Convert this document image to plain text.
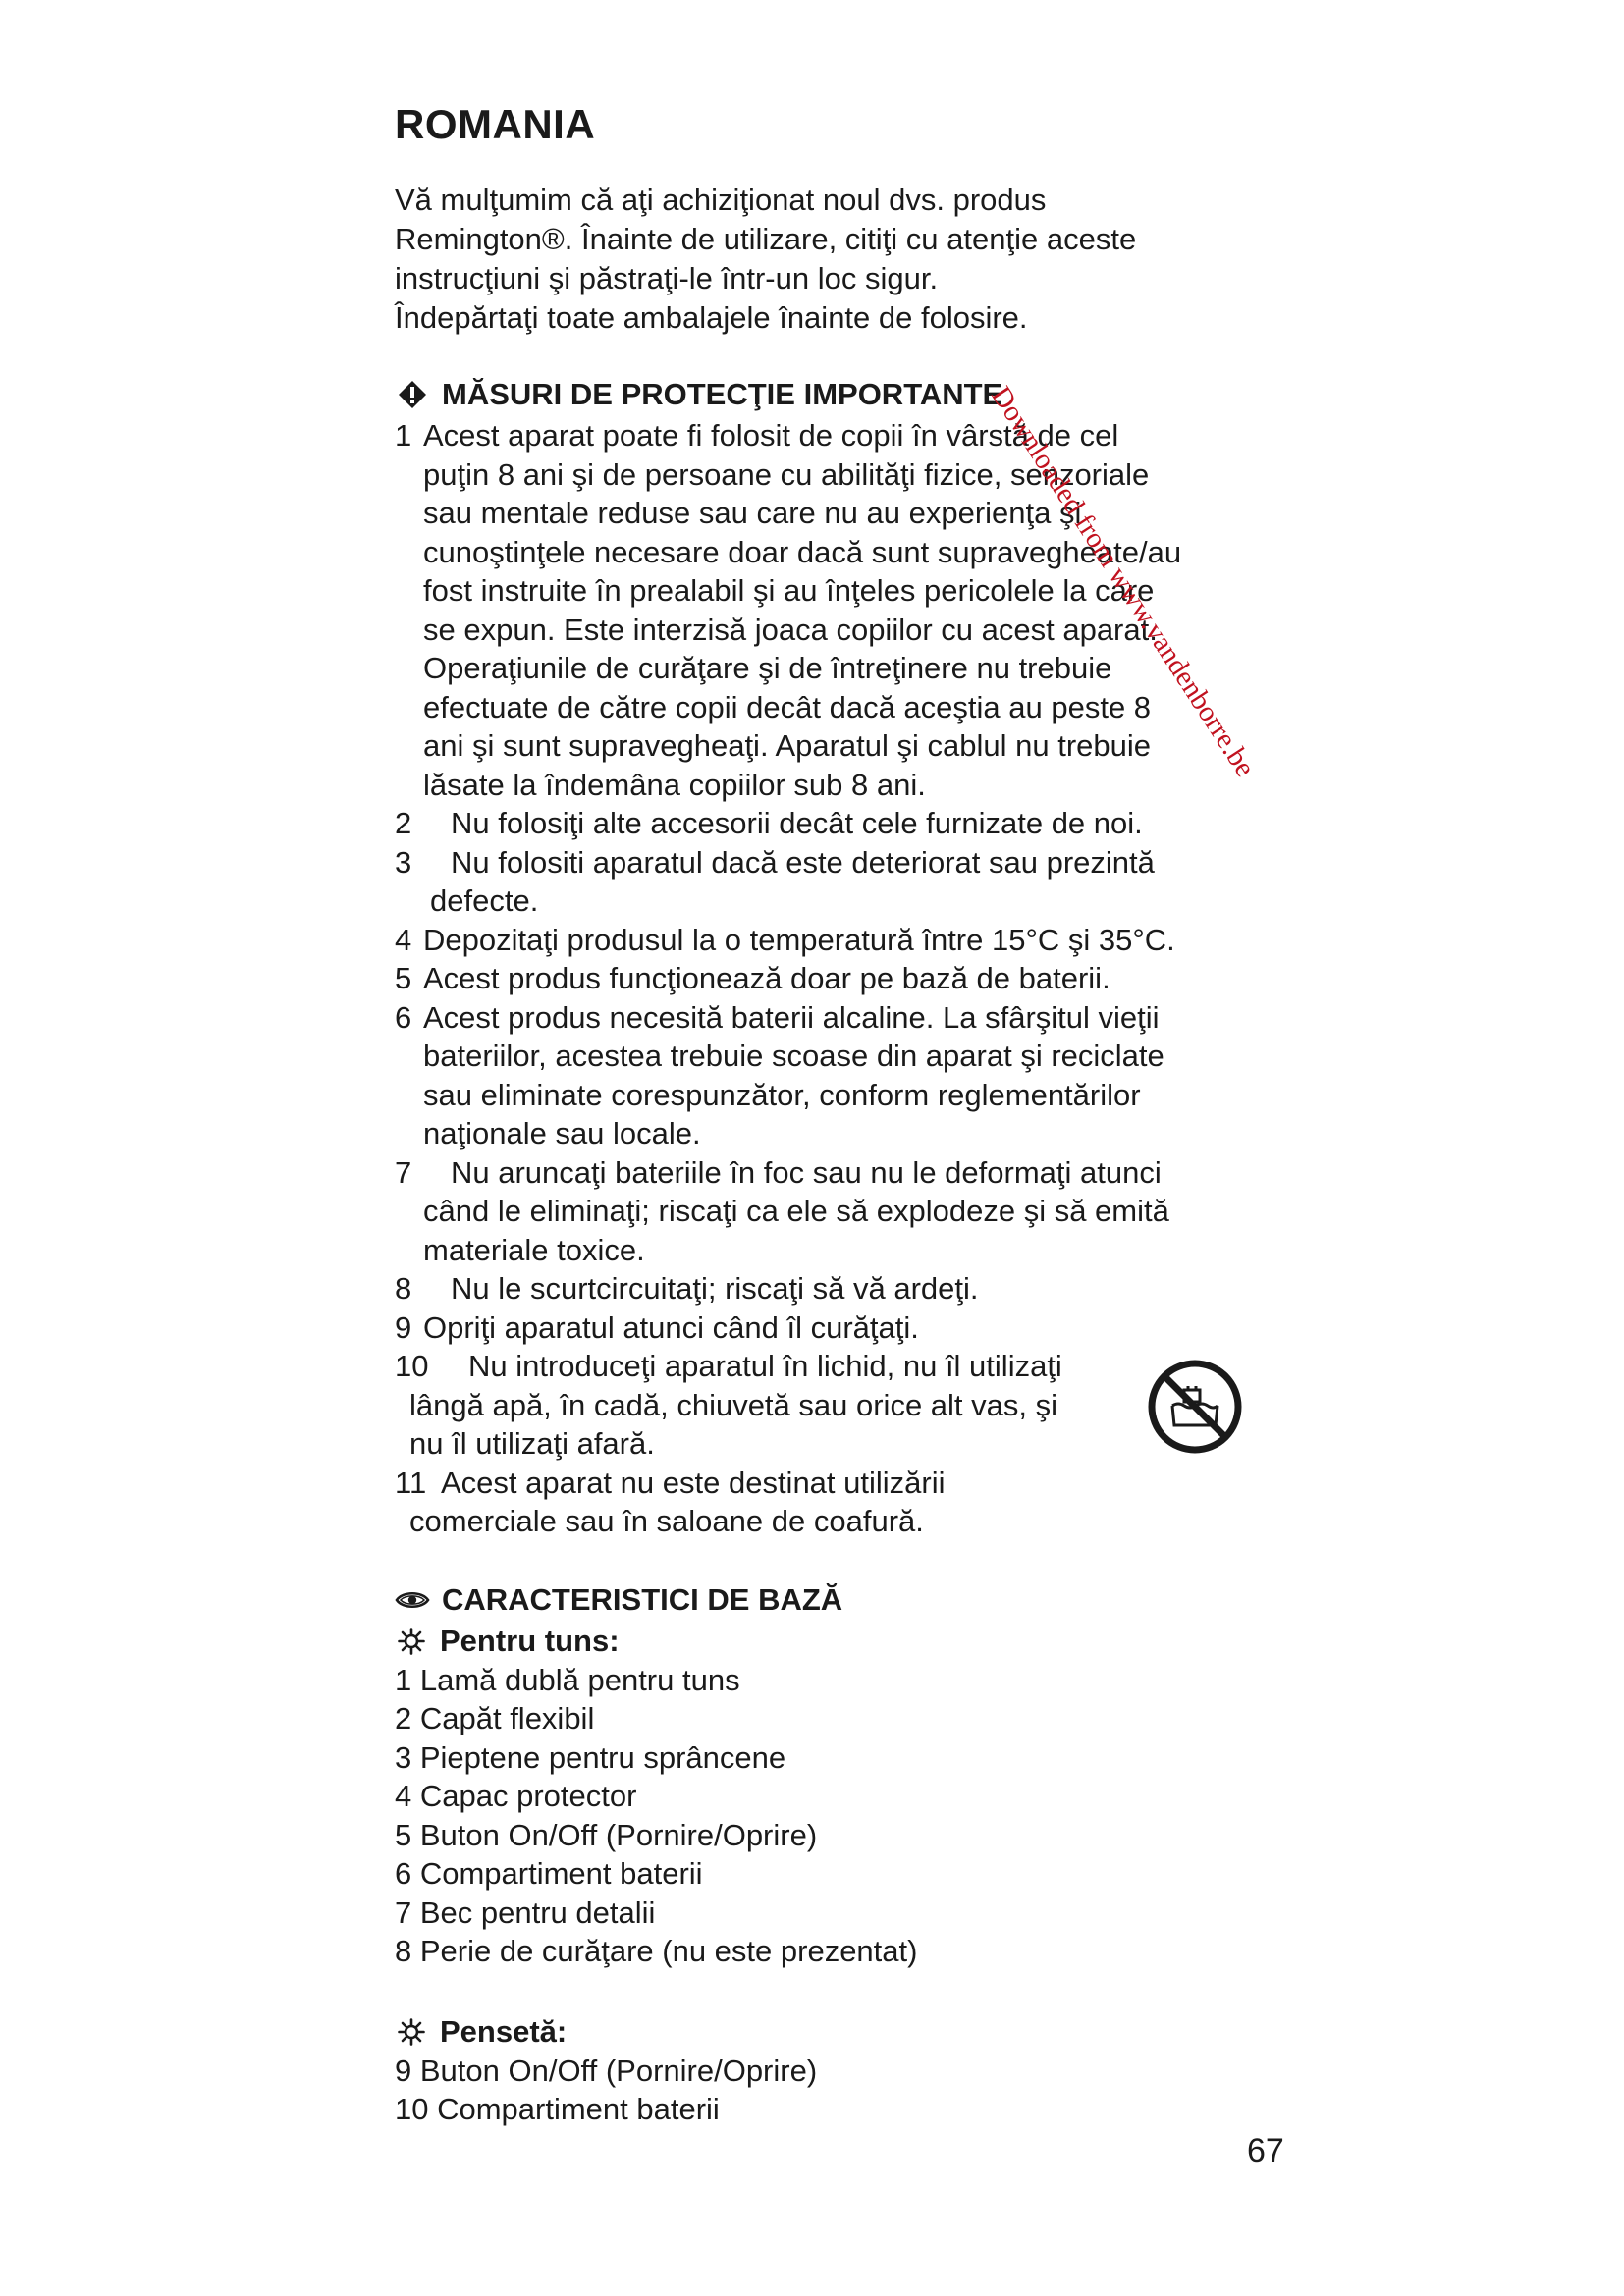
ROMANIA

Vă mulţumim că aţi achiziţionat noul dvs. produs

Remington®. Înainte de utilizare, citiţi cu atenţie aceste

instrucţiuni şi păstraţi-le într-un loc sigur.

Îndepărtaţi toate ambalajele înainte de folosire.

MĂSURI DE PROTECŢIE IMPORTANTE
1 Acest aparat poate fi folosit de copii în vârstă de cel
puţin 8 ani şi de persoane cu abilităţi fizice, senzoriale
sau mentale reduse sau care nu au experienţa şi
cunoştinţele necesare doar dacă sunt supravegheate/au
fost instruite în prealabil şi au înţeles pericolele la care
se expun. Este interzisă joaca copiilor cu acest aparat.
Operaţiunile de curăţare şi de întreţinere nu trebuie
efectuate de către copii decât dacă aceştia au peste 8
ani şi sunt supravegheaţi. Aparatul şi cablul nu trebuie
lăsate la îndemâna copiilor sub 8 ani.
2 Nu folosiţi alte accesorii decât cele furnizate de noi.
3 Nu folositi aparatul dacă este deteriorat sau prezintă
defecte.
4 Depozitaţi produsul la o temperatură între 15°C şi 35°C.
5 Acest produs funcţionează doar pe bază de baterii.
6 Acest produs necesită baterii alcaline. La sfârşitul vieţii
bateriilor, acestea trebuie scoase din aparat şi reciclate
sau eliminate corespunzător, conform reglementărilor
naţionale sau locale.
7 Nu aruncaţi bateriile în foc sau nu le deformaţi atunci
când le eliminaţi; riscaţi ca ele să explodeze şi să emită
materiale toxice.
8 Nu le scurtcircuitaţi; riscaţi să vă ardeţi.
9 Opriţi aparatul atunci când îl curăţaţi.
10 Nu introduceţi aparatul în lichid, nu îl utilizaţi
lângă apă, în cadă, chiuvetă sau orice alt vas, şi
nu îl utilizaţi afară.
11 Acest aparat nu este destinat utilizării
comerciale sau în saloane de coafură.
CARACTERISTICI DE BAZĂ
Pentru tuns:
1 Lamă dublă pentru tuns
2 Capăt flexibil
3 Pieptene pentru sprâncene
4 Capac protector
5 Buton On/Off (Pornire/Oprire)
6 Compartiment baterii
7 Bec pentru detalii
8 Perie de curăţare (nu este prezentat)
Pensetă:
9 Buton On/Off (Pornire/Oprire)
10 Compartiment baterii
67
Downloaded from www.vandenborre.be
